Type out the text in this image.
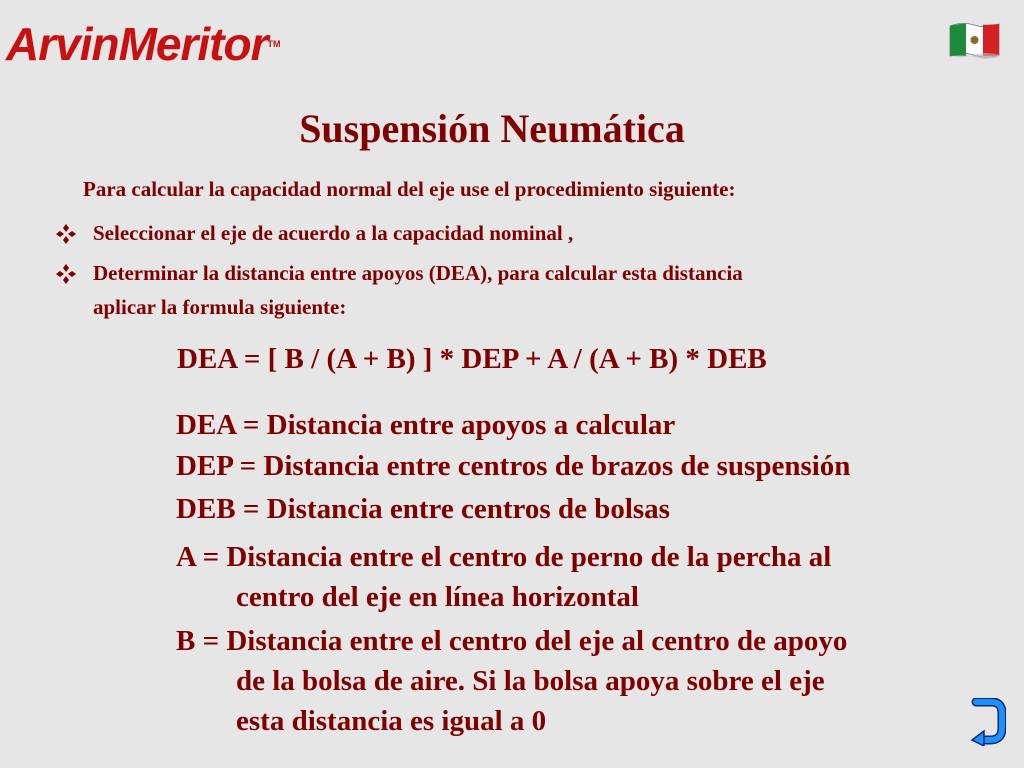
ArvinMeritorTM
Suspensión Neumática
Para calcular la capacidad normal del eje use el procedimiento siguiente:
Seleccionar el eje de acuerdo a la capacidad nominal ,
Determinar la distancia entre apoyos (DEA), para calcular esta distancia
aplicar la formula siguiente:
DEA = [ B / (A + B) ] * DEP + A / (A + B) * DEB
DEA = Distancia entre apoyos a calcular
DEP = Distancia entre centros de brazos de suspensión
DEB = Distancia entre centros de bolsas
A = Distancia entre el centro de perno de la percha al
centro del eje en línea horizontal
B = Distancia entre el centro del eje al centro de apoyo
de la bolsa de aire. Si la bolsa apoya sobre el eje
esta distancia es igual a 0
